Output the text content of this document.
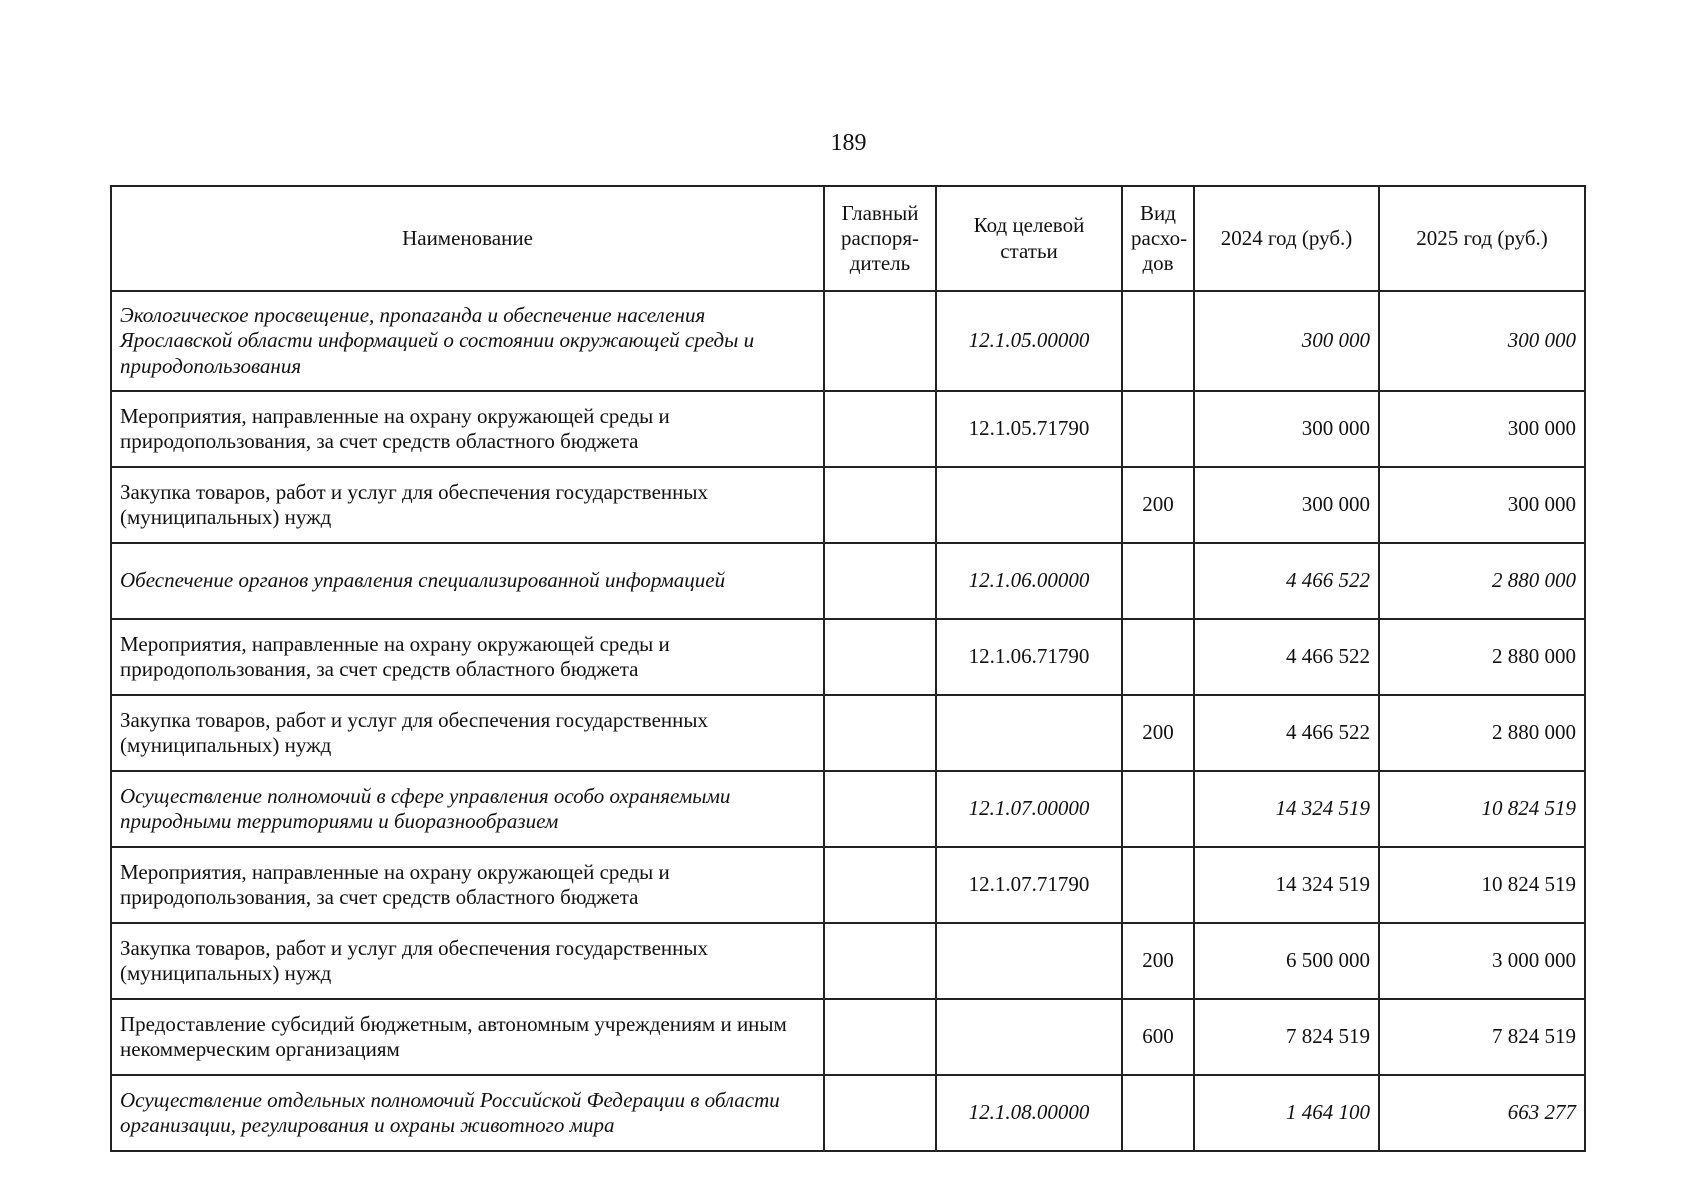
189
Наименование	Главный распоря-дитель	Код целевой статьи	Вид расхо-дов	2024 год (руб.)	2025 год (руб.)
Экологическое просвещение, пропаганда и обеспечение населения Ярославской области информацией о состоянии окружающей среды и природопользования		12.1.05.00000		300 000	300 000
Мероприятия, направленные на охрану окружающей среды и природопользования, за счет средств областного бюджета		12.1.05.71790		300 000	300 000
Закупка товаров, работ и услуг для обеспечения государственных (муниципальных) нужд			200	300 000	300 000
Обеспечение органов управления специализированной информацией		12.1.06.00000		4 466 522	2 880 000
Мероприятия, направленные на охрану окружающей среды и природопользования, за счет средств областного бюджета		12.1.06.71790		4 466 522	2 880 000
Закупка товаров, работ и услуг для обеспечения государственных (муниципальных) нужд			200	4 466 522	2 880 000
Осуществление полномочий в сфере управления особо охраняемыми природными территориями и биоразнообразием		12.1.07.00000		14 324 519	10 824 519
Мероприятия, направленные на охрану окружающей среды и природопользования, за счет средств областного бюджета		12.1.07.71790		14 324 519	10 824 519
Закупка товаров, работ и услуг для обеспечения государственных (муниципальных) нужд			200	6 500 000	3 000 000
Предоставление субсидий бюджетным, автономным учреждениям и иным некоммерческим организациям			600	7 824 519	7 824 519
Осуществление отдельных полномочий Российской Федерации в области организации, регулирования и охраны животного мира		12.1.08.00000		1 464 100	663 277
